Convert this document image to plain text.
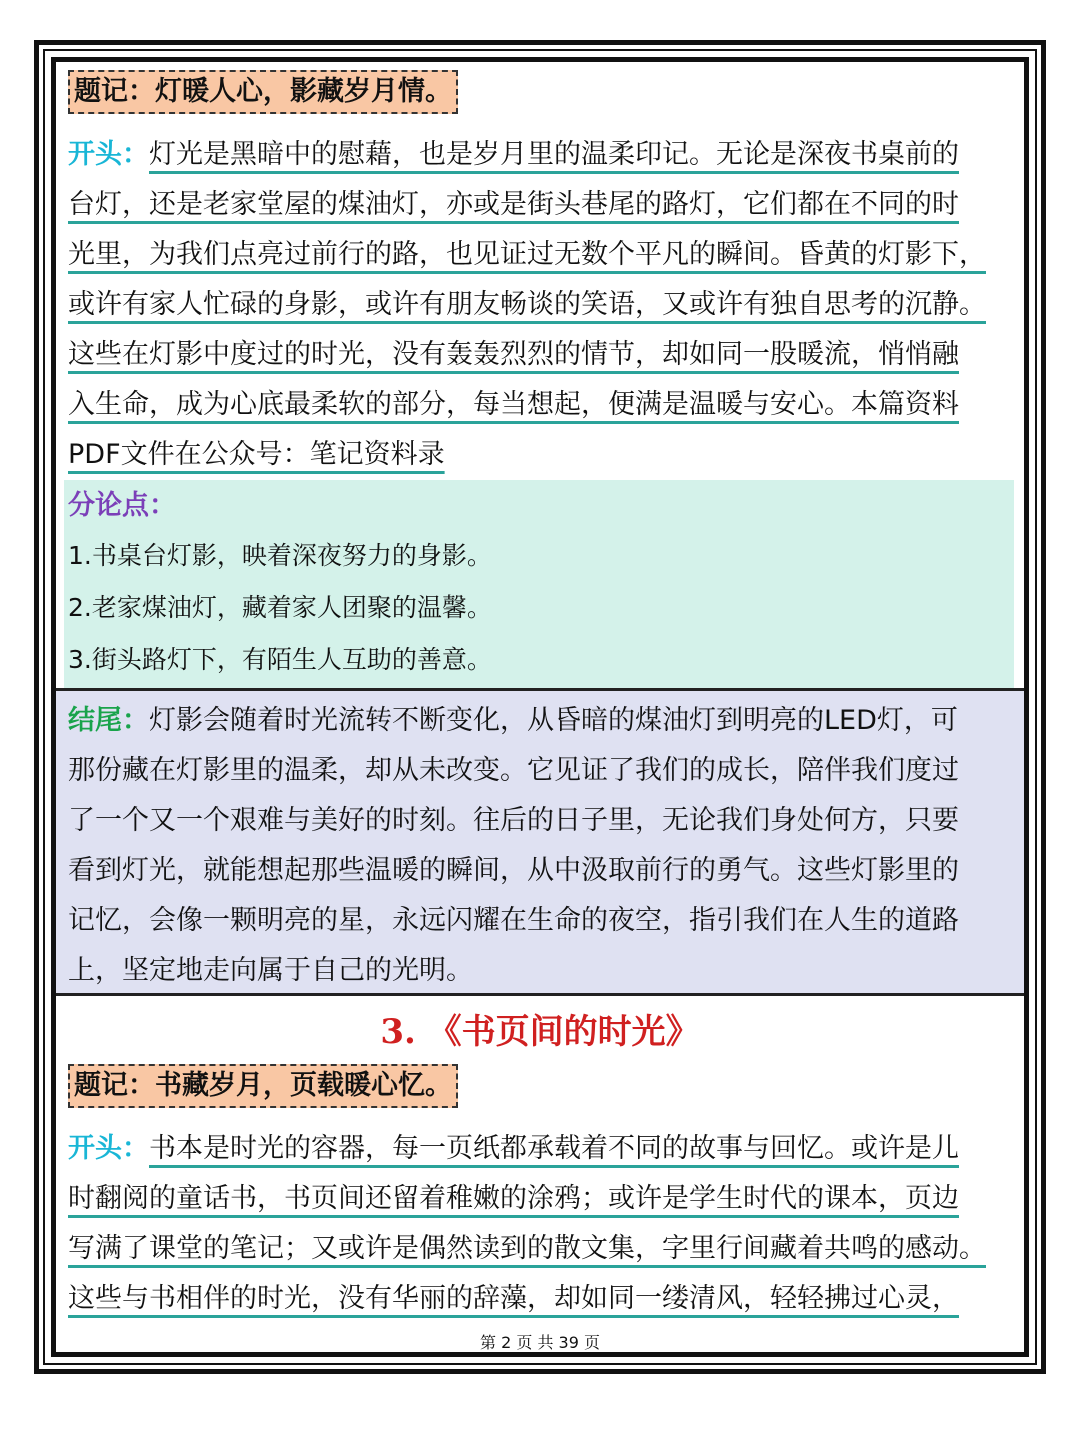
题记：灯暖人心，影藏岁月情。

开头：灯光是黑暗中的慰藉，也是岁月里的温柔印记。无论是深夜书桌前的
台灯，还是老家堂屋的煤油灯，亦或是街头巷尾的路灯，它们都在不同的时
光里，为我们点亮过前行的路，也见证过无数个平凡的瞬间。昏黄的灯影下，
或许有家人忙碌的身影，或许有朋友畅谈的笑语，又或许有独自思考的沉静。
这些在灯影中度过的时光，没有轰轰烈烈的情节，却如同一股暖流，悄悄融
入生命，成为心底最柔软的部分，每当想起，便满是温暖与安心。本篇资料
PDF文件在公众号：笔记资料录

分论点：
1.书桌台灯影，映着深夜努力的身影。
2.老家煤油灯，藏着家人团聚的温馨。
3.街头路灯下，有陌生人互助的善意。

结尾：灯影会随着时光流转不断变化，从昏暗的煤油灯到明亮的LED灯，可
那份藏在灯影里的温柔，却从未改变。它见证了我们的成长，陪伴我们度过
了一个又一个艰难与美好的时刻。往后的日子里，无论我们身处何方，只要
看到灯光，就能想起那些温暖的瞬间，从中汲取前行的勇气。这些灯影里的
记忆，会像一颗明亮的星，永远闪耀在生命的夜空，指引我们在人生的道路
上，坚定地走向属于自己的光明。

3. 《书页间的时光》
题记：书藏岁月，页载暖心忆。

开头：书本是时光的容器，每一页纸都承载着不同的故事与回忆。或许是儿
时翻阅的童话书，书页间还留着稚嫩的涂鸦；或许是学生时代的课本，页边
写满了课堂的笔记；又或许是偶然读到的散文集，字里行间藏着共鸣的感动。
这些与书相伴的时光，没有华丽的辞藻，却如同一缕清风，轻轻拂过心灵，

第 2 页 共 39 页
